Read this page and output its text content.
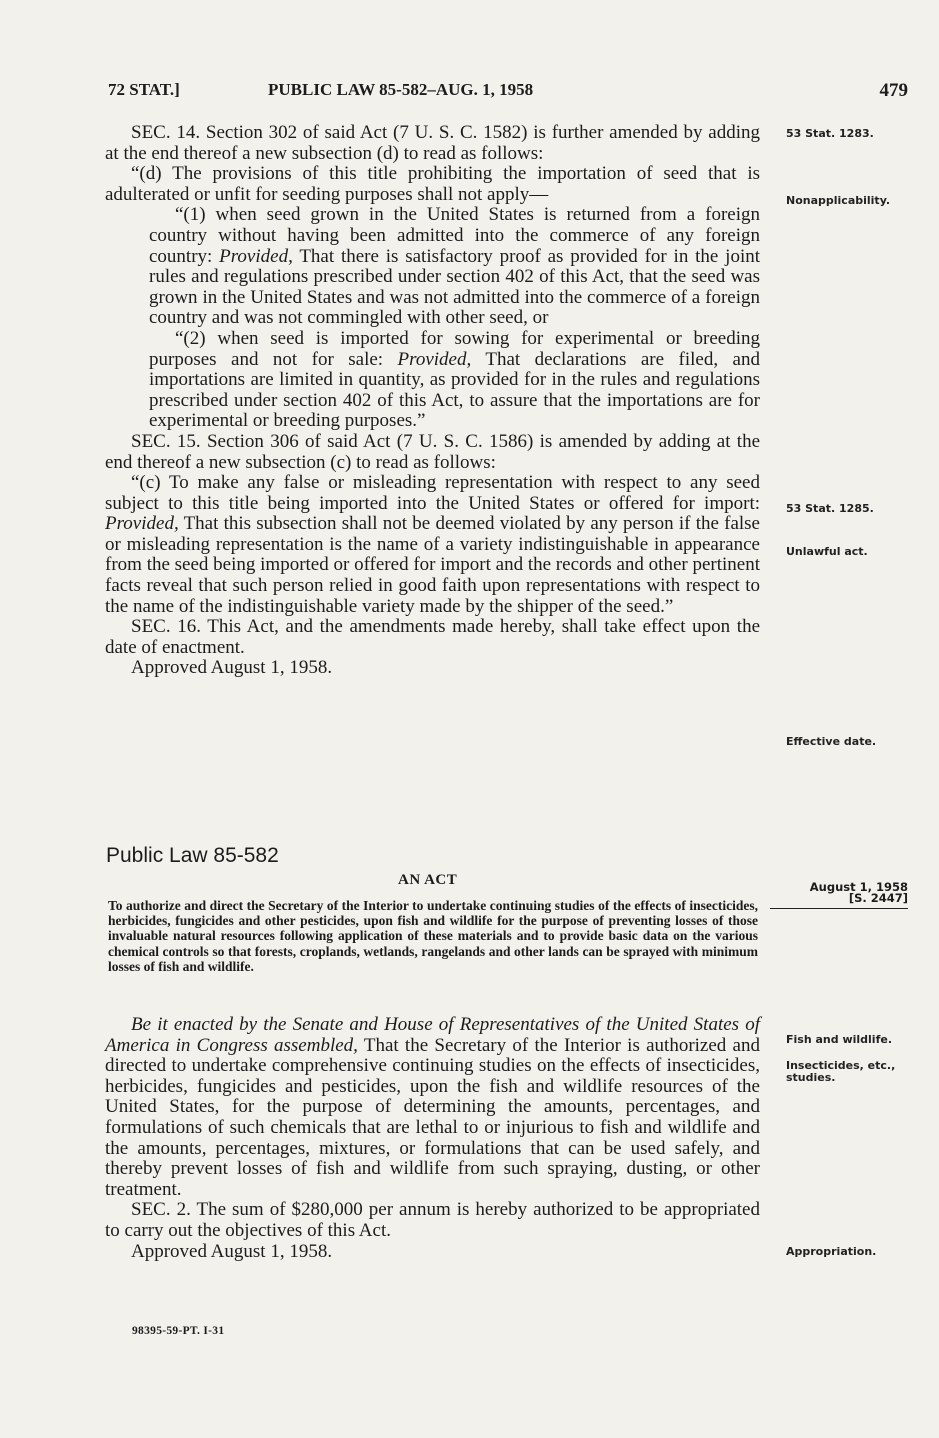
72 STAT.]	PUBLIC LAW 85-582–AUG. 1, 1958	479

SEC. 14. Section 302 of said Act (7 U. S. C. 1582) is further amended by adding at the end thereof a new subsection (d) to read as follows:

“(d) The provisions of this title prohibiting the importation of seed that is adulterated or unfit for seeding purposes shall not apply—

“(1) when seed grown in the United States is returned from a foreign country without having been admitted into the commerce of any foreign country: Provided, That there is satisfactory proof as provided for in the joint rules and regulations prescribed under section 402 of this Act, that the seed was grown in the United States and was not admitted into the commerce of a foreign country and was not commingled with other seed, or

“(2) when seed is imported for sowing for experimental or breeding purposes and not for sale: Provided, That declarations are filed, and importations are limited in quantity, as provided for in the rules and regulations prescribed under section 402 of this Act, to assure that the importations are for experimental or breeding purposes.”

SEC. 15. Section 306 of said Act (7 U. S. C. 1586) is amended by adding at the end thereof a new subsection (c) to read as follows:

“(c) To make any false or misleading representation with respect to any seed subject to this title being imported into the United States or offered for import: Provided, That this subsection shall not be deemed violated by any person if the false or misleading representation is the name of a variety indistinguishable in appearance from the seed being imported or offered for import and the records and other pertinent facts reveal that such person relied in good faith upon representations with respect to the name of the indistinguishable variety made by the shipper of the seed.”

SEC. 16. This Act, and the amendments made hereby, shall take effect upon the date of enactment.

Approved August 1, 1958.

53 Stat. 1283.
Nonapplicability.
53 Stat. 1285.
Unlawful act.
Effective date.
Public Law 85-582
AN ACT	August 1, 1958
[S. 2447]
To authorize and direct the Secretary of the Interior to undertake continuing studies of the effects of insecticides, herbicides, fungicides and other pesticides, upon fish and wildlife for the purpose of preventing losses of those invaluable natural resources following application of these materials and to provide basic data on the various chemical controls so that forests, croplands, wetlands, rangelands and other lands can be sprayed with minimum losses of fish and wildlife.

Be it enacted by the Senate and House of Representatives of the United States of America in Congress assembled, That the Secretary of the Interior is authorized and directed to undertake comprehensive continuing studies on the effects of insecticides, herbicides, fungicides and pesticides, upon the fish and wildlife resources of the United States, for the purpose of determining the amounts, percentages, and formulations of such chemicals that are lethal to or injurious to fish and wildlife and the amounts, percentages, mixtures, or formulations that can be used safely, and thereby prevent losses of fish and wildlife from such spraying, dusting, or other treatment.

SEC. 2. The sum of $280,000 per annum is hereby authorized to be appropriated to carry out the objectives of this Act.

Approved August 1, 1958.

Fish and wildlife.
Insecticides, etc., studies.
Appropriation.
98395-59-PT. I-31
